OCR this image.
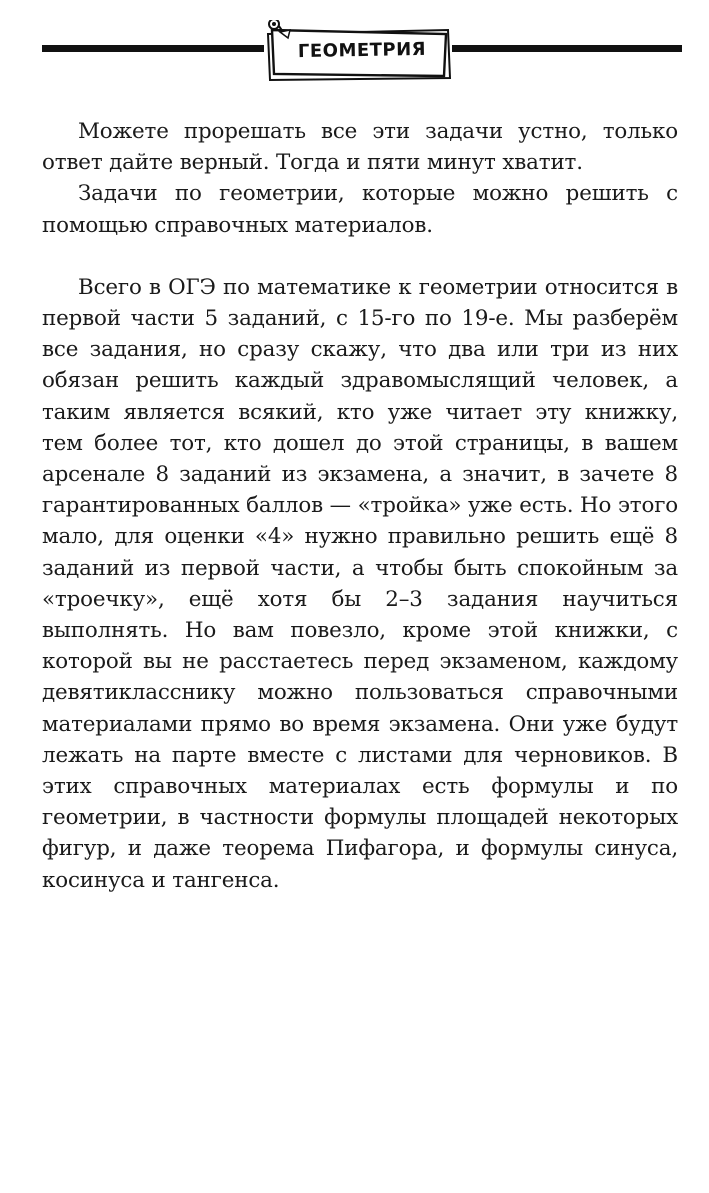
ГЕОМЕТРИЯ

Можете прорешать все эти задачи устно, только ответ дайте верный. Тогда и пяти минут хватит.

Задачи по геометрии, которые можно решить с помощью справочных материалов.

Всего в ОГЭ по математике к геометрии относится в первой части 5 заданий, с 15-го по 19-е. Мы разберём все задания, но сразу скажу, что два или три из них обязан решить каждый здравомыслящий человек, а таким является всякий, кто уже читает эту книжку, тем более тот, кто дошел до этой страницы, в вашем арсенале 8 заданий из экзамена, а значит, в зачете 8 гарантированных баллов — «тройка» уже есть. Но этого мало, для оценки «4» нужно правильно решить ещё 8 заданий из первой части, а чтобы быть спокойным за «троечку», ещё хотя бы 2–3 задания научиться выполнять. Но вам повезло, кроме этой книжки, с которой вы не расстаетесь перед экзаменом, каждому девятикласснику можно пользоваться справочными материалами прямо во время экзамена. Они уже будут лежать на парте вместе с листами для черновиков. В этих справочных материалах есть формулы и по геометрии, в частности формулы площадей некоторых фигур, и даже теорема Пифагора, и формулы синуса, косинуса и тангенса.
